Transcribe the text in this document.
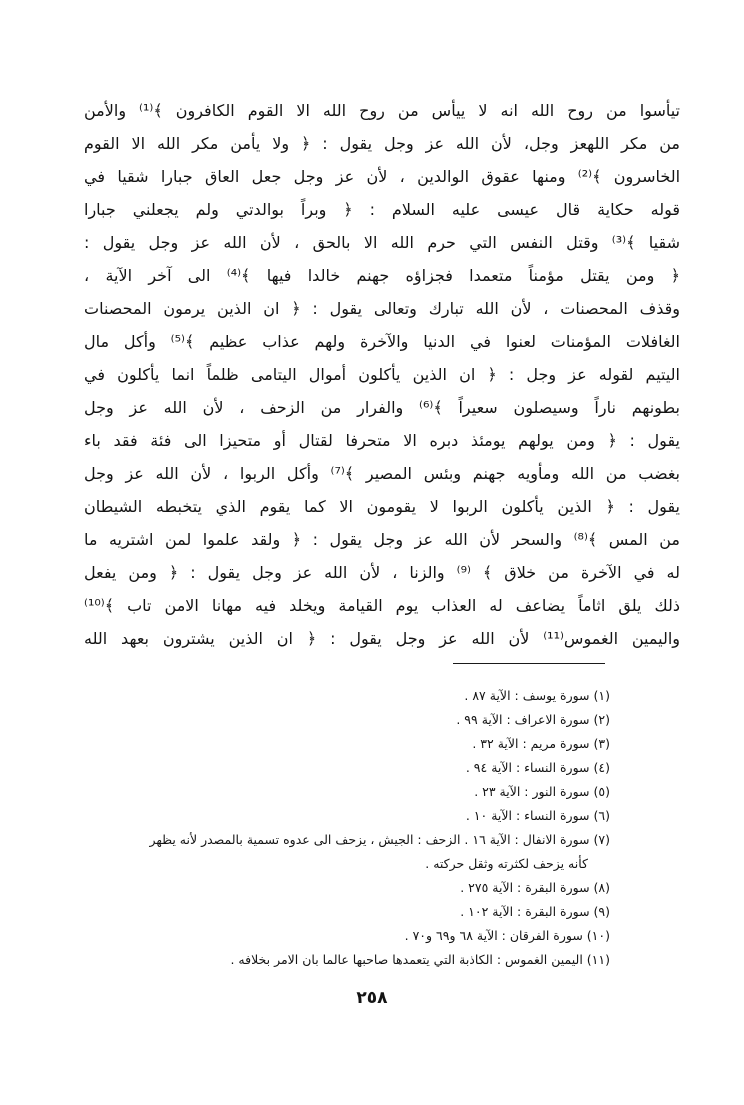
تيأسوا من روح الله انه لا ييأس من روح الله الا القوم الكافرون ﴾⁽¹⁾ والأمن
من مكر اللهعز وجل، لأن الله عز وجل يقول : ﴿ ولا يأمن مكر الله الا القوم
الخاسرون ﴾⁽²⁾ ومنها عقوق الوالدين ، لأن عز وجل جعل العاق جبارا شقيا في
قوله حكاية قال عيسى عليه السلام : ﴿ وبراً بوالدتي ولم يجعلني جبارا
شقيا ﴾⁽³⁾ وقتل النفس التي حرم الله الا بالحق ، لأن الله عز وجل يقول :
﴿ ومن يقتل مؤمناً متعمدا فجزاؤه جهنم خالدا فيها ﴾⁽⁴⁾ الى آخر الآية ،
وقذف المحصنات ، لأن الله تبارك وتعالى يقول : ﴿ ان الذين يرمون المحصنات
الغافلات المؤمنات لعنوا في الدنيا والآخرة ولهم عذاب عظيم ﴾⁽⁵⁾ وأكل مال
اليتيم لقوله عز وجل : ﴿ ان الذين يأكلون أموال اليتامى ظلماً انما يأكلون في
بطونهم ناراً وسيصلون سعيراً ﴾⁽⁶⁾ والفرار من الزحف ، لأن الله عز وجل
يقول : ﴿ ومن يولهم يومئذ دبره الا متحرفا لقتال أو متحيزا الى فئة فقد باء
بغضب من الله ومأويه جهنم وبئس المصير ﴾⁽⁷⁾ وأكل الربوا ، لأن الله عز وجل
يقول : ﴿ الذين يأكلون الربوا لا يقومون الا كما يقوم الذي يتخبطه الشيطان
من المس ﴾⁽⁸⁾ والسحر لأن الله عز وجل يقول : ﴿ ولقد علموا لمن اشتريه ما
له في الآخرة من خلاق ﴾ ⁽⁹⁾ والزنا ، لأن الله عز وجل يقول : ﴿ ومن يفعل
ذلك يلق اثاماً يضاعف له العذاب يوم القيامة ويخلد فيه مهانا الامن تاب ﴾⁽¹⁰⁾
واليمين الغموس⁽¹¹⁾ لأن الله عز وجل يقول : ﴿ ان الذين يشترون بعهد الله
(١) سورة يوسف : الآية ٨٧ .
(٢) سورة الاعراف : الآية ٩٩ .
(٣) سورة مريم : الآية ٣٢ .
(٤) سورة النساء : الآية ٩٤ .
(٥) سورة النور : الآية ٢٣ .
(٦) سورة النساء : الآية ١٠ .
(٧) سورة الانفال : الآية ١٦ . الزحف : الجيش ، يزحف الى عدوه تسمية بالمصدر لأنه يظهر
كأنه يزحف لكثرته وثقل حركته .
(٨) سورة البقرة : الآية ٢٧٥ .
(٩) سورة البقرة : الآية ١٠٢ .
(١٠) سورة الفرقان : الآية ٦٨ و٦٩ و٧٠ .
(١١) اليمين الغموس : الكاذبة التي يتعمدها صاحبها عالما بان الامر بخلافه .
٢٥٨
